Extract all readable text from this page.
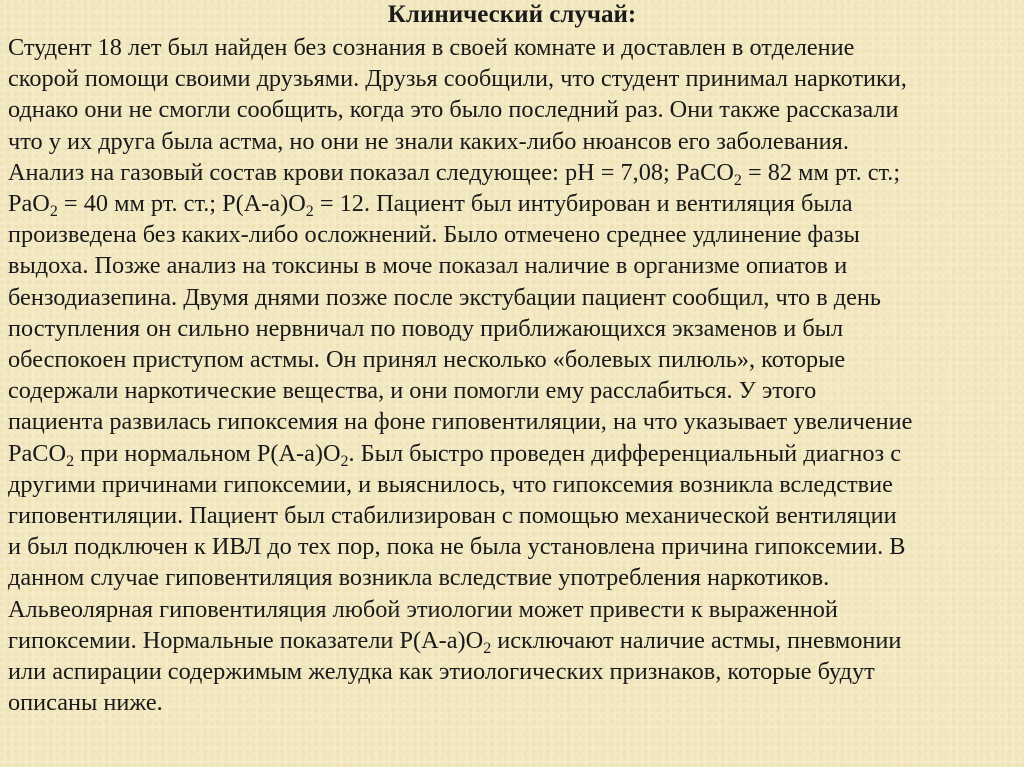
Клинический случай:
Студент 18 лет был найден без сознания в своей комнате и доставлен в отделение
скорой помощи своими друзьями. Друзья сообщили, что студент принимал наркотики,
однако они не смогли сообщить, когда это было последний раз. Они также рассказали
что у их друга была астма, но они не знали каких-либо нюансов его заболевания.
Анализ на газовый состав крови показал следующее: pH = 7,08; PaCO$_2$ = 82 мм рт. ст.;
PaO$_2$ = 40 мм рт. ст.; $P(A-a)O_2 = 12$. Пациент был интубирован и вентиляция была
произведена без каких-либо осложнений. Было отмечено среднее удлинение фазы
выдоха. Позже анализ на токсины в моче показал наличие в организме опиатов и
бензодиазепина. Двумя днями позже после экстубации пациент сообщил, что в день
поступления он сильно нервничал по поводу приближающихся экзаменов и был
обеспокоен приступом астмы. Он принял несколько «болевых пилюль», которые
содержали наркотические вещества, и они помогли ему расслабиться. У этого
пациента развилась гипоксемия на фоне гиповентиляции, на что указывает увеличение
PaCO$_2$ при нормальном $P(A-a)O_2$. Был быстро проведен дифференциальный диагноз с
другими причинами гипоксемии, и выяснилось, что гипоксемия возникла вследствие
гиповентиляции. Пациент был стабилизирован с помощью механической вентиляции
и был подключен к ИВЛ до тех пор, пока не была установлена причина гипоксемии. В
данном случае гиповентиляция возникла вследствие употребления наркотиков.
Альвеолярная гиповентиляция любой этиологии может привести к выраженной
гипоксемии. Нормальные показатели $P(A-a)O_2$ исключают наличие астмы, пневмонии
или аспирации содержимым желудка как этиологических признаков, которые будут
описаны ниже.
